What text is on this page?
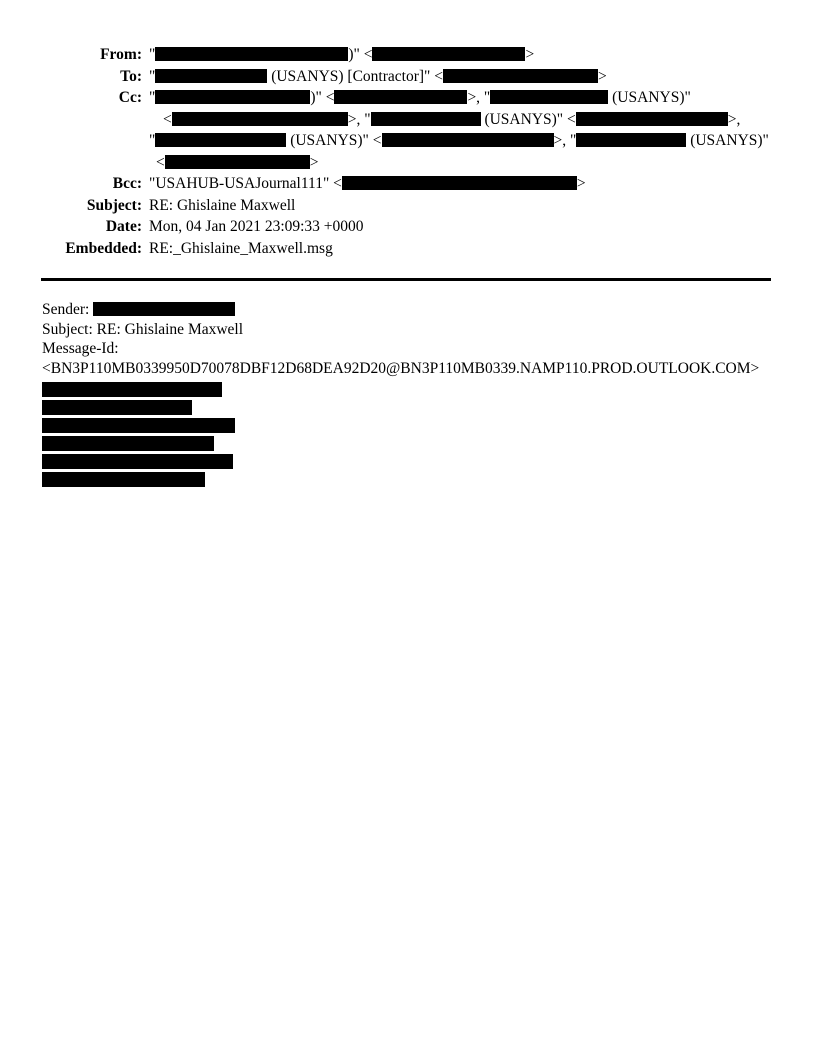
From: "	)" <	>
To: "	(USANYS) [Contractor]" <	>
Cc: "	)" <	>, "	(USANYS)"
<	>, "	(USANYS)" <	>,
"	(USANYS)" <	>, "	(USANYS)"
<	>
Bcc: "USAHUB-USAJournal111" <	>
Subject: RE: Ghislaine Maxwell
Date: Mon, 04 Jan 2021 23:09:33 +0000
Embedded: RE:_Ghislaine_Maxwell.msg
Sender:
Subject: RE: Ghislaine Maxwell
Message-Id:
<BN3P110MB0339950D70078DBF12D68DEA92D20@BN3P110MB0339.NAMP110.PROD.OUTLOOK.COM>
